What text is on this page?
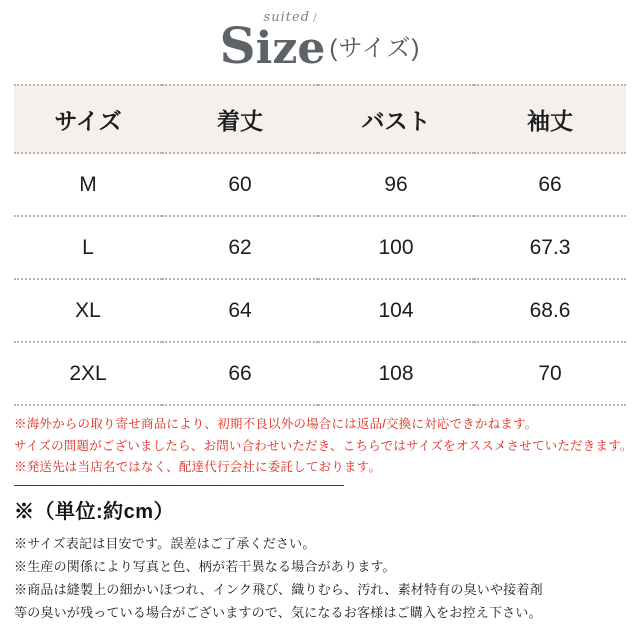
suited /
Size (サイズ)
サイズ	着丈	バスト	袖丈
M	60	96	66
L	62	100	67.3
XL	64	104	68.6
2XL	66	108	70
※海外からの取り寄せ商品により、初期不良以外の場合には返品/交換に対応できかねます。
サイズの問題がございましたら、お問い合わせいただき、こちらではサイズをオススメさせていただきます。
※発送先は当店名ではなく、配達代行会社に委託しております。
※（単位:約cm）
※サイズ表記は目安です。誤差はご了承ください。
※生産の関係により写真と色、柄が若干異なる場合があります。
※商品は縫製上の細かいほつれ、インク飛び、織りむら、汚れ、素材特有の臭いや接着剤
等の臭いが残っている場合がございますので、気になるお客様はご購入をお控え下さい。
